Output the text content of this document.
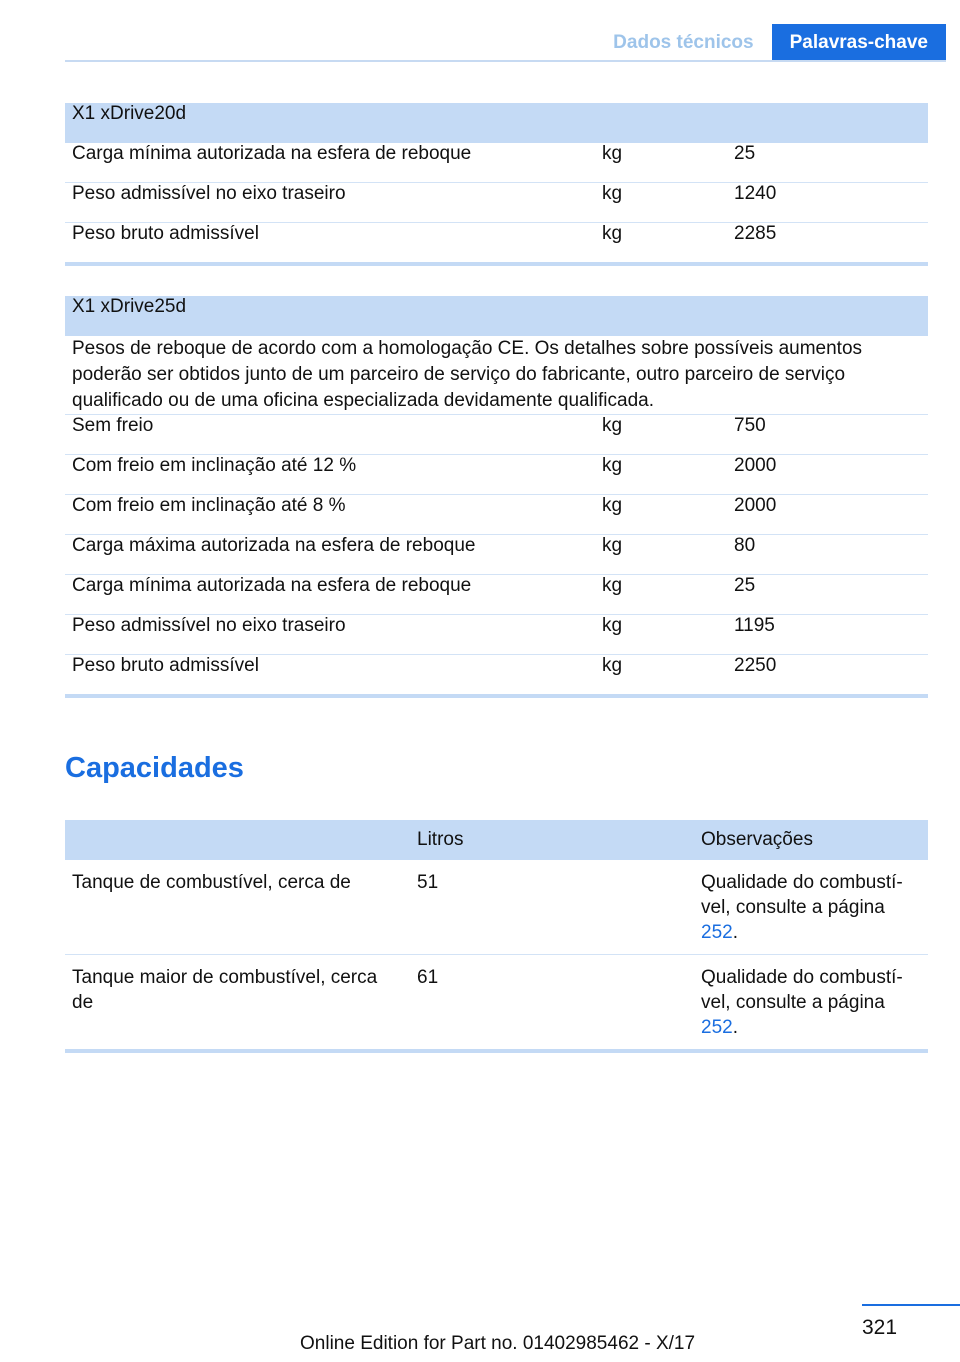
Dados técnicos	Palavras-chave
X1 xDrive20d		
Carga mínima autorizada na esfera de reboque	kg	25
Peso admissível no eixo traseiro	kg	1240
Peso bruto admissível	kg	2285
X1 xDrive25d		
Pesos de reboque de acordo com a homologação CE. Os detalhes sobre possíveis aumentos poderão ser obtidos junto de um parceiro de serviço do fabricante, outro parceiro de serviço qualificado ou de uma oficina especializada devidamente qualificada.		
Sem freio	kg	750
Com freio em inclinação até 12 %	kg	2000
Com freio em inclinação até 8 %	kg	2000
Carga máxima autorizada na esfera de reboque	kg	80
Carga mínima autorizada na esfera de reboque	kg	25
Peso admissível no eixo traseiro	kg	1195
Peso bruto admissível	kg	2250
Capacidades
	Litros	Observações
Tanque de combustível, cerca de	51	Qualidade do combustível, consulte a página 252.
Tanque maior de combustível, cerca de	61	Qualidade do combustível, consulte a página 252.
321
Online Edition for Part no. 01402985462 - X/17
